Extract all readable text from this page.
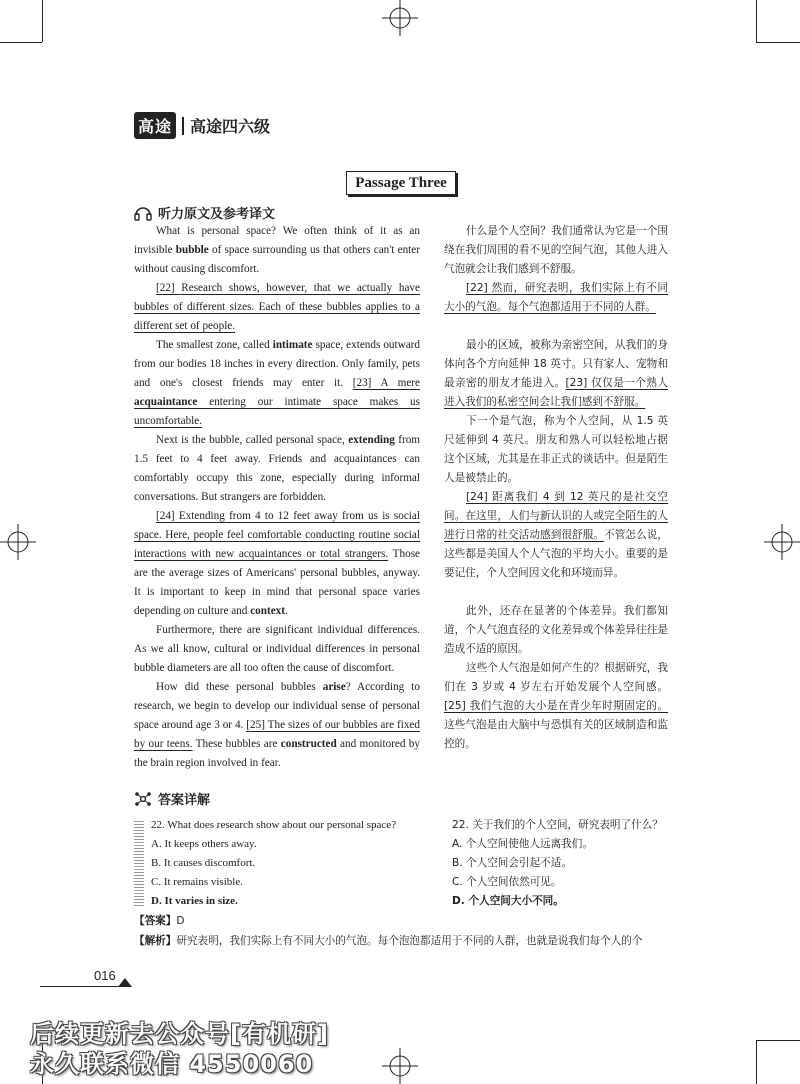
高途 高途四六级
Passage Three
听力原文及参考译文

What is personal space? We often think of it as an invisible bubble of space surrounding us that others can't enter without causing discomfort.

[22] Research shows, however, that we actually have bubbles of different sizes. Each of these bubbles applies to a different set of people.

The smallest zone, called intimate space, extends outward from our bodies 18 inches in every direction. Only family, pets and one's closest friends may enter it. [23] A mere acquaintance entering our intimate space makes us uncomfortable.

Next is the bubble, called personal space, extending from 1.5 feet to 4 feet away. Friends and acquaintances can comfortably occupy this zone, especially during informal conversations. But strangers are forbidden.

[24] Extending from 4 to 12 feet away from us is social space. Here, people feel comfortable conducting routine social interactions with new acquaintances or total strangers. Those are the average sizes of Americans' personal bubbles, anyway. It is important to keep in mind that personal space varies depending on culture and context.

Furthermore, there are significant individual differences. As we all know, cultural or individual differences in personal bubble diameters are all too often the cause of discomfort.

How did these personal bubbles arise? According to research, we begin to develop our individual sense of personal space around age 3 or 4. [25] The sizes of our bubbles are fixed by our teens. These bubbles are constructed and monitored by the brain region involved in fear.

什么是个人空间？我们通常认为它是一个围绕在我们周围的看不见的空间气泡，其他人进入气泡就会让我们感到不舒服。

[22] 然而，研究表明，我们实际上有不同大小的气泡。每个气泡都适用于不同的人群。

最小的区域，被称为亲密空间，从我们的身体向各个方向延伸 18 英寸。只有家人、宠物和最亲密的朋友才能进入。[23] 仅仅是一个熟人进入我们的私密空间会让我们感到不舒服。

下一个是气泡，称为个人空间，从 1.5 英尺延伸到 4 英尺。朋友和熟人可以轻松地占据这个区域，尤其是在非正式的谈话中。但是陌生人是被禁止的。

[24] 距离我们 4 到 12 英尺的是社交空间。在这里，人们与新认识的人或完全陌生的人进行日常的社交活动感到很舒服。不管怎么说，这些都是美国人个人气泡的平均大小。重要的是要记住，个人空间因文化和环境而异。

此外，还存在显著的个体差异。我们都知道，个人气泡直径的文化差异或个体差异往往是造成不适的原因。

这些个人气泡是如何产生的？根据研究，我们在 3 岁或 4 岁左右开始发展个人空间感。[25] 我们气泡的大小是在青少年时期固定的。这些气泡是由大脑中与恐惧有关的区域制造和监控的。

答案详解
22. What does research show about our personal space?
A. It keeps others away.
B. It causes discomfort.
C. It remains visible.
D. It varies in size.
22. 关于我们的个人空间，研究表明了什么？
A. 个人空间使他人远离我们。
B. 个人空间会引起不适。
C. 个人空间依然可见。
D. 个人空间大小不同。
【答案】D
【解析】研究表明，我们实际上有不同大小的气泡。每个泡泡都适用于不同的人群，也就是说我们每个人的个
016
后续更新去公众号[有机研]
永久联系微信 4550060
